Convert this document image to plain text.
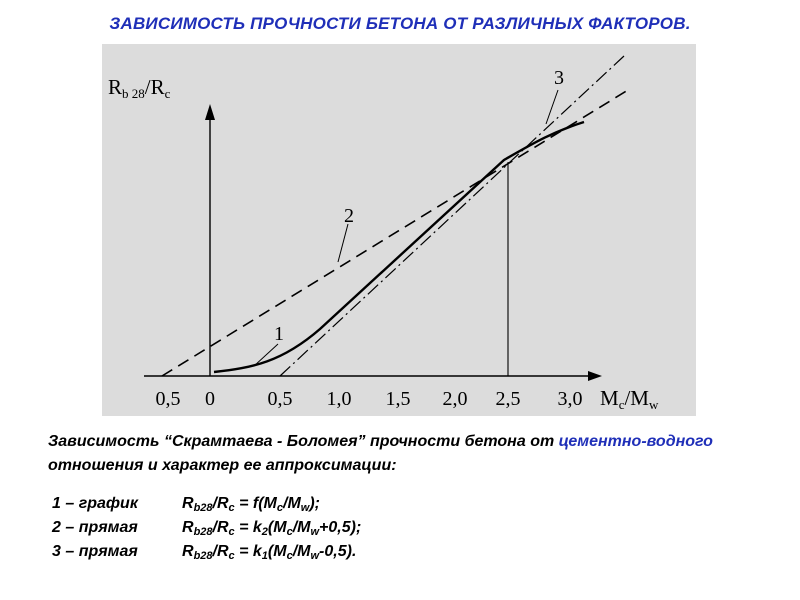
ЗАВИСИМОСТЬ ПРОЧНОСТИ БЕТОНА ОТ РАЗЛИЧНЫХ ФАКТОРОВ.
1
2
3
Rb 28/Rc
0,5 0	0,5 1,0 1,5 2,0 2,5 3,0 Mc/Mw
Зависимость “Скрамтаева - Боломея” прочности бетона от цементно-водного отношения и характер ее аппроксимации:
1 – график	$R_{b28}/R_c = f(M_c/M_w)$;
2 – прямая	$R_{b28}/R_c = k_2(M_c/M_w+0,5)$;
3 – прямая	$R_{b28}/R_c = k_1(M_c/M_w-0,5)$.
